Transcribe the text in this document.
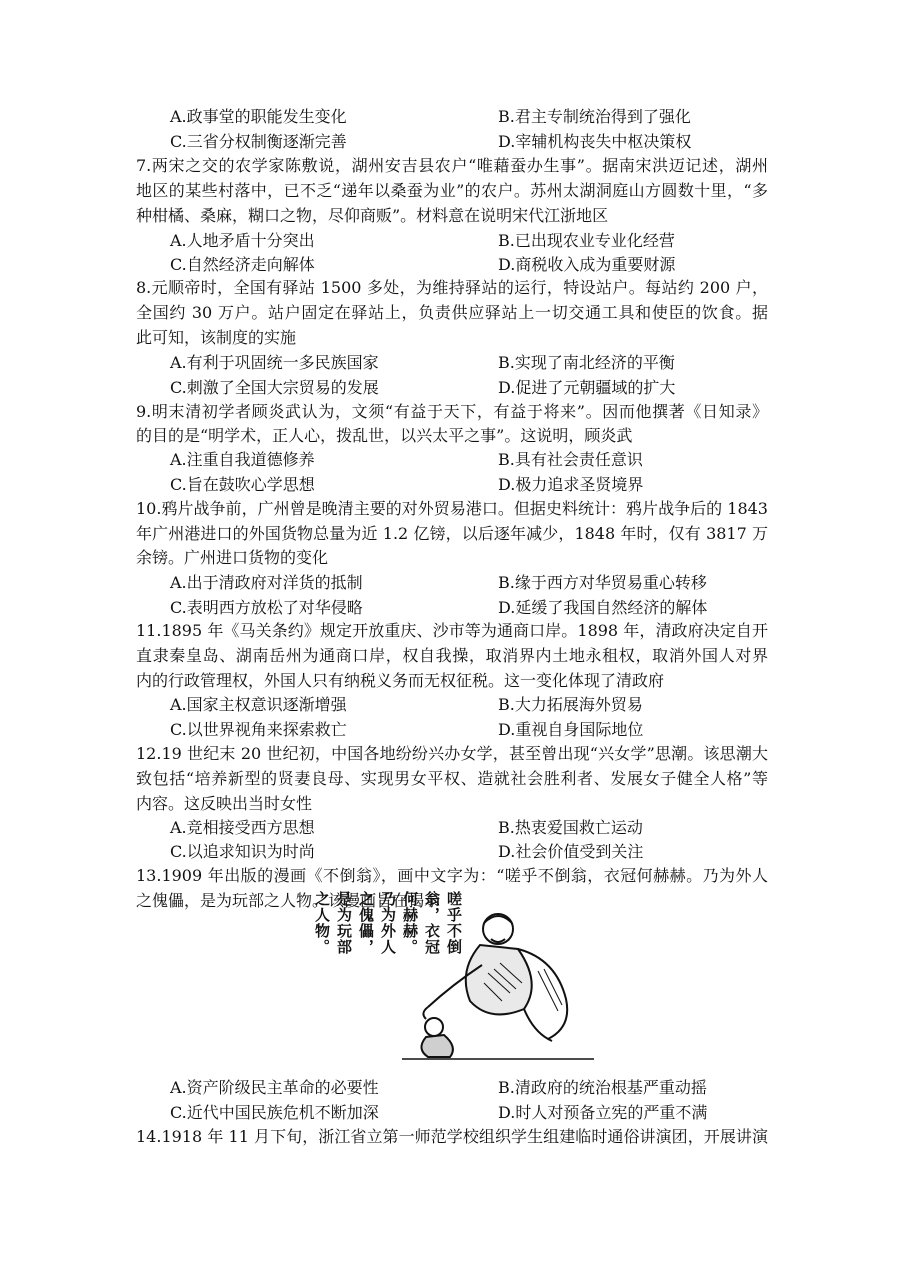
A.政事堂的职能发生变化	B.君主专制统治得到了强化
C.三省分权制衡逐渐完善	D.宰辅机构丧失中枢决策权
7.两宋之交的农学家陈敷说，湖州安吉县农户“唯藉蚕办生事”。据南宋洪迈记述，湖州
地区的某些村落中，已不乏“递年以桑蚕为业”的农户。苏州太湖洞庭山方圆数十里，“多
种柑橘、桑麻，糊口之物，尽仰商贩”。材料意在说明宋代江浙地区
A.人地矛盾十分突出	B.已出现农业专业化经营
C.自然经济走向解体	D.商税收入成为重要财源
8.元顺帝时，全国有驿站 1500 多处，为维持驿站的运行，特设站户。每站约 200 户，
全国约 30 万户。站户固定在驿站上，负责供应驿站上一切交通工具和使臣的饮食。据
此可知，该制度的实施
A.有利于巩固统一多民族国家	B.实现了南北经济的平衡
C.刺激了全国大宗贸易的发展	D.促进了元朝疆域的扩大
9.明末清初学者顾炎武认为，文须“有益于天下，有益于将来”。因而他撰著《日知录》
的目的是“明学术，正人心，拨乱世，以兴太平之事”。这说明，顾炎武
A.注重自我道德修养	B.具有社会责任意识
C.旨在鼓吹心学思想	D.极力追求圣贤境界
10.鸦片战争前，广州曾是晚清主要的对外贸易港口。但据史料统计：鸦片战争后的 1843
年广州港进口的外国货物总量为近 1.2 亿镑，以后逐年减少，1848 年时，仅有 3817 万
余镑。广州进口货物的变化
A.出于清政府对洋货的抵制	B.缘于西方对华贸易重心转移
C.表明西方放松了对华侵略	D.延缓了我国自然经济的解体
11.1895 年《马关条约》规定开放重庆、沙市等为通商口岸。1898 年，清政府决定自开
直隶秦皇岛、湖南岳州为通商口岸，权自我操，取消界内土地永租权，取消外国人对界
内的行政管理权，外国人只有纳税义务而无权征税。这一变化体现了清政府
A.国家主权意识逐渐增强	B.大力拓展海外贸易
C.以世界视角来探索救亡	D.重视自身国际地位
12.19 世纪末 20 世纪初，中国各地纷纷兴办女学，甚至曾出现“兴女学”思潮。该思潮大
致包括“培养新型的贤妻良母、实现男女平权、造就社会胜利者、发展女子健全人格”等
内容。这反映出当时女性
A.竞相接受西方思想	B.热衷爱国救亡运动
C.以追求知识为时尚	D.社会价值受到关注
13.1909 年出版的漫画《不倒翁》，画中文字为：“嗟乎不倒翁，衣冠何赫赫。乃为外人
之傀儡，是为玩部之人物。”该漫画旨在揭示 嗟乎不倒
翁，衣冠
何赫赫。
乃为外人
之傀儡，
是为玩部
之人物。
A.资产阶级民主革命的必要性	B.清政府的统治根基严重动摇
C.近代中国民族危机不断加深	D.时人对预备立宪的严重不满
14.1918 年 11 月下旬，浙江省立第一师范学校组织学生组建临时通俗讲演团，开展讲演
